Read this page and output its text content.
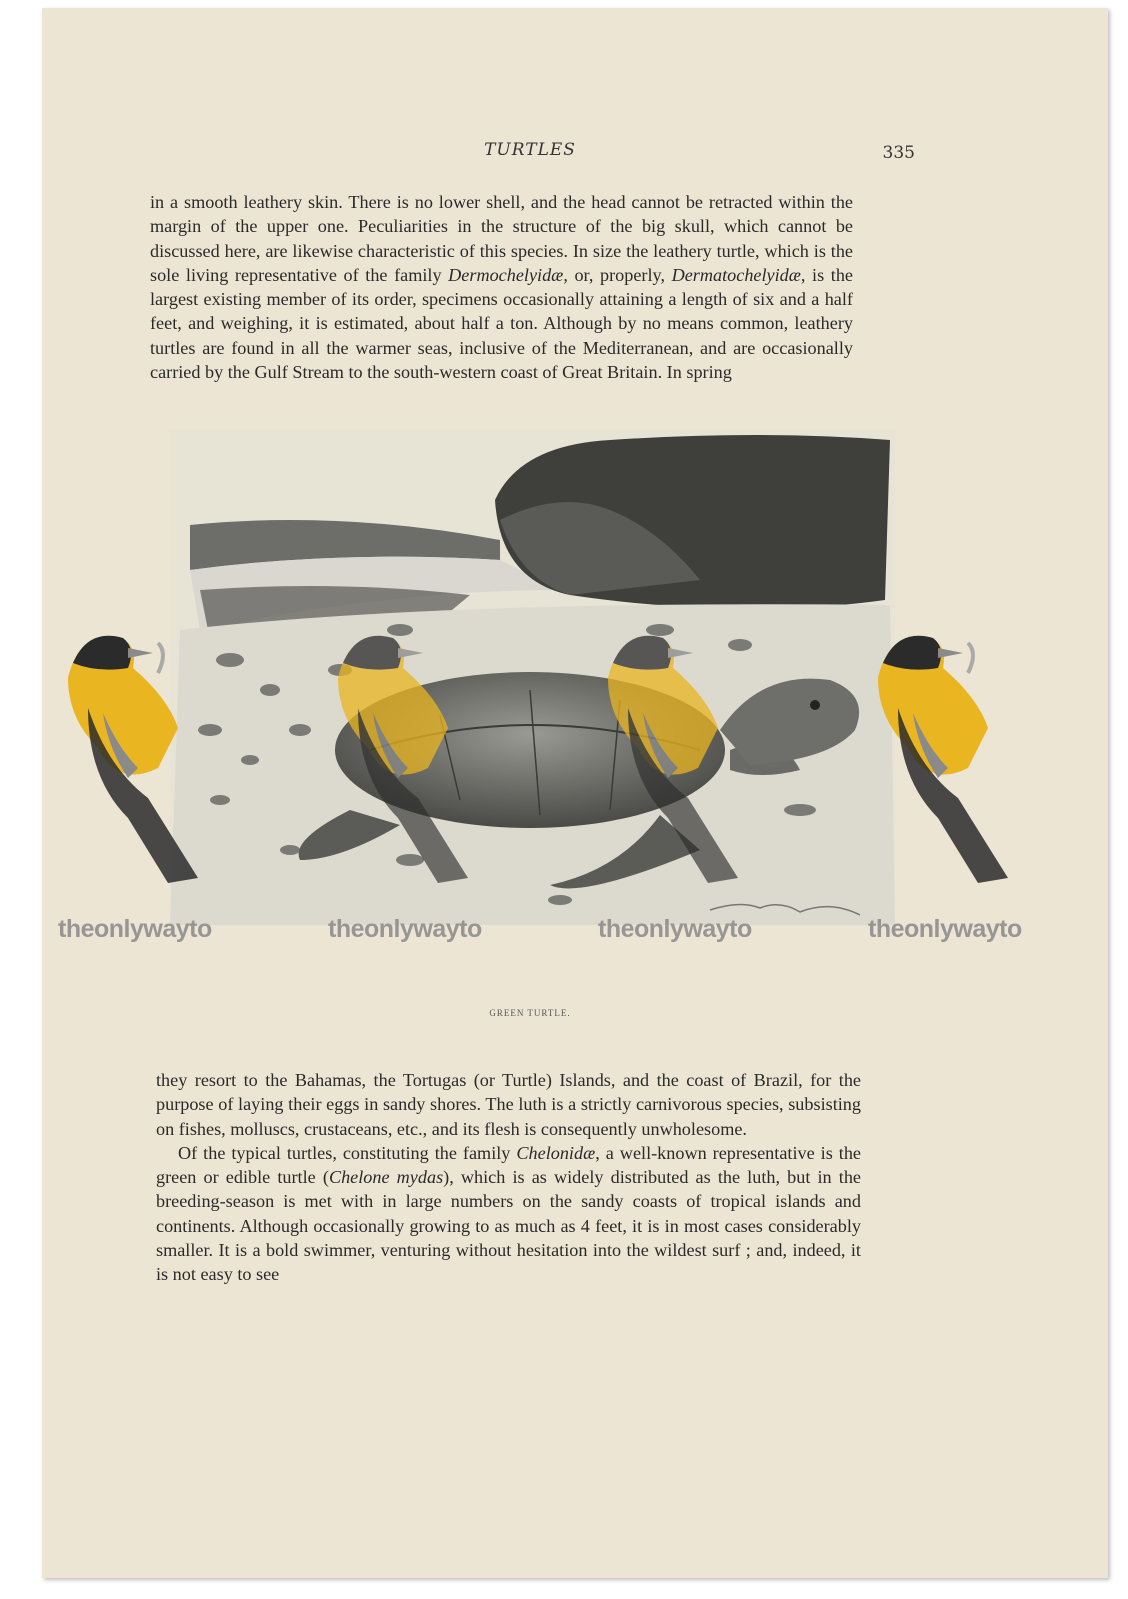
TURTLES	335

in a smooth leathery skin. There is no lower shell, and the head cannot be retracted within the margin of the upper one. Peculiarities in the structure of the big skull, which cannot be discussed here, are likewise characteristic of this species. In size the leathery turtle, which is the sole living representative of the family Dermochelyidæ, or, properly, Dermatochelyidæ, is the largest existing member of its order, specimens occasionally attaining a length of six and a half feet, and weighing, it is estimated, about half a ton. Although by no means common, leathery turtles are found in all the warmer seas, inclusive of the Mediterranean, and are occasionally carried by the Gulf Stream to the south-western coast of Great Britain. In spring

GREEN TURTLE.
theonlywayto	theonlywayto	theonlywayto	theonlywayto

they resort to the Bahamas, the Tortugas (or Turtle) Islands, and the coast of Brazil, for the purpose of laying their eggs in sandy shores. The luth is a strictly carnivorous species, subsisting on fishes, molluscs, crustaceans, etc., and its flesh is consequently unwholesome.

Of the typical turtles, constituting the family Chelonidæ, a well-known representative is the green or edible turtle (Chelone mydas), which is as widely distributed as the luth, but in the breeding-season is met with in large numbers on the sandy coasts of tropical islands and continents. Although occasionally growing to as much as 4 feet, it is in most cases considerably smaller. It is a bold swimmer, venturing without hesitation into the wildest surf ; and, indeed, it is not easy to see
